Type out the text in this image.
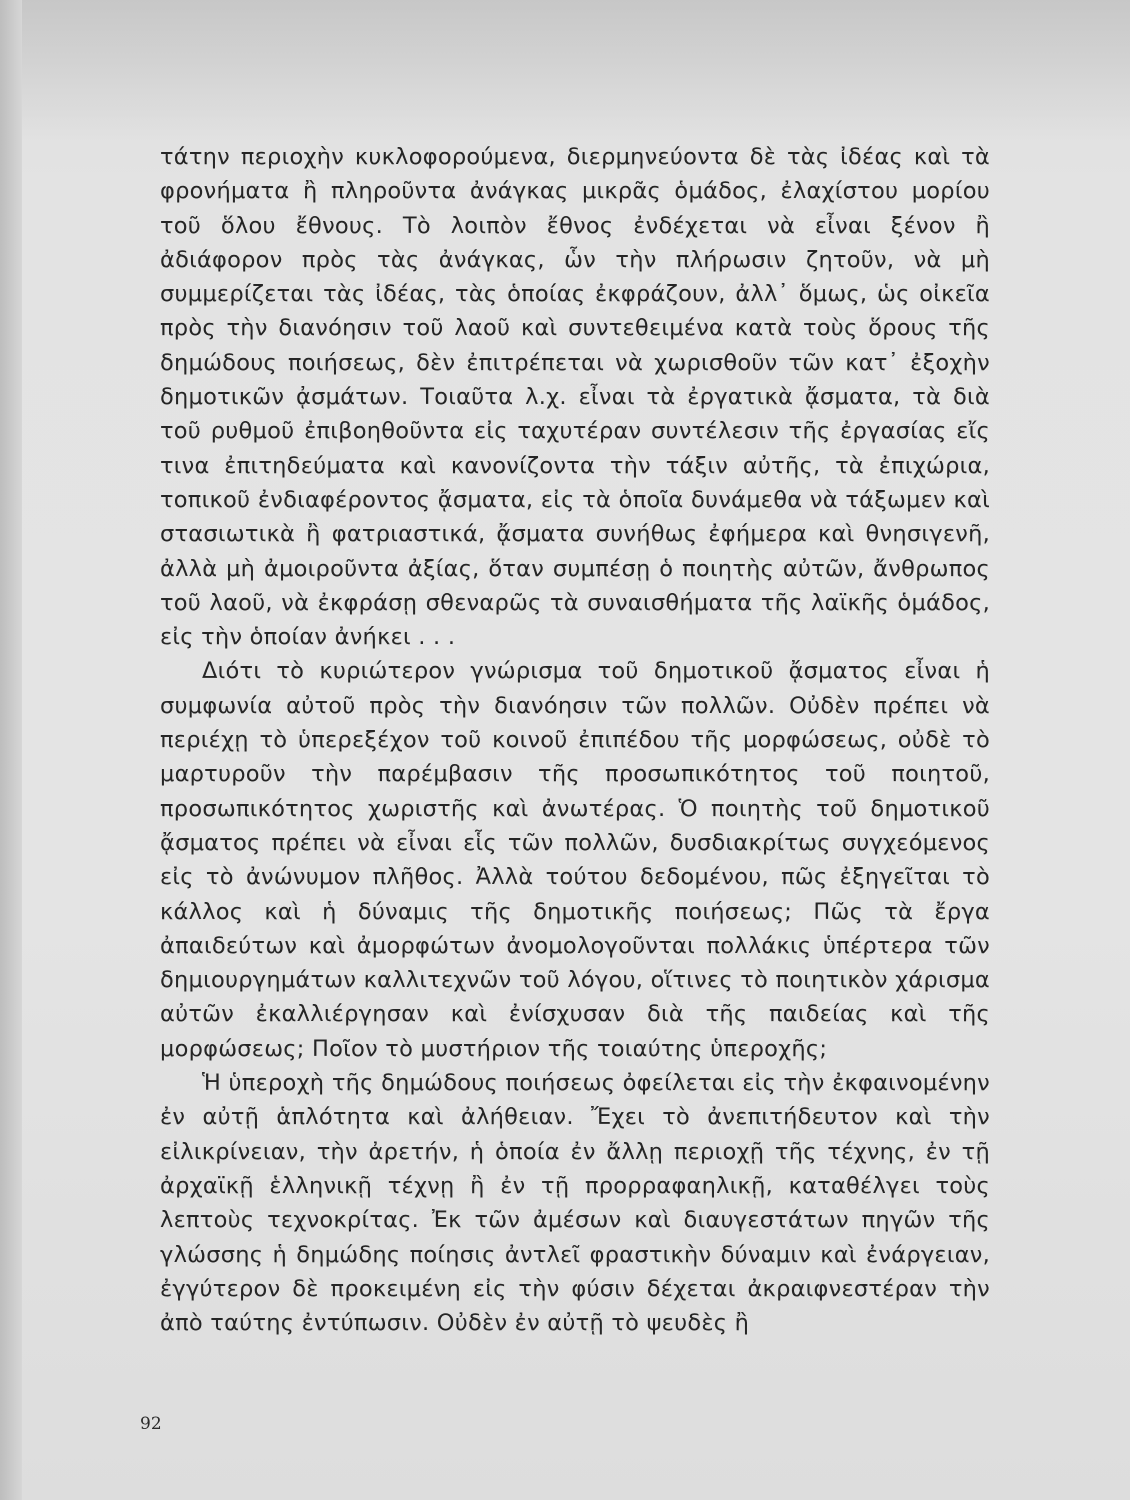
τάτην περιοχὴν κυκλοφορούμενα, διερμηνεύοντα δὲ τὰς ἰδέας καὶ τὰ φρονήματα ἢ πληροῦντα ἀνάγκας μικρᾶς ὁμάδος, ἐλαχίστου μορίου τοῦ ὅλου ἔθνους. Τὸ λοιπὸν ἔθνος ἐνδέχεται νὰ εἶναι ξένον ἢ ἀδιάφορον πρὸς τὰς ἀνάγκας, ὧν τὴν πλήρωσιν ζητοῦν, νὰ μὴ συμμερίζεται τὰς ἰδέας, τὰς ὁποίας ἐκφράζουν, ἀλλ᾽ ὅμως, ὡς οἰκεῖα πρὸς τὴν διανόησιν τοῦ λαοῦ καὶ συντεθειμένα κατὰ τοὺς ὅρους τῆς δημώδους ποιήσεως, δὲν ἐπιτρέπεται νὰ χωρισθοῦν τῶν κατ᾽ ἐξοχὴν δημοτικῶν ᾀσμάτων. Τοιαῦτα λ.χ. εἶναι τὰ ἐργατικὰ ᾄσματα, τὰ διὰ τοῦ ρυθμοῦ ἐπιβοηθοῦντα εἰς ταχυτέραν συντέλεσιν τῆς ἐργασίας εἴς τινα ἐπιτηδεύματα καὶ κανονίζοντα τὴν τάξιν αὐτῆς, τὰ ἐπιχώρια, τοπικοῦ ἐνδιαφέροντος ᾄσματα, εἰς τὰ ὁποῖα δυνάμεθα νὰ τάξωμεν καὶ στασιωτικὰ ἢ φατριαστικά, ᾄσματα συνήθως ἐφήμερα καὶ θνησιγενῆ, ἀλλὰ μὴ ἀμοιροῦντα ἀξίας, ὅταν συμπέσῃ ὁ ποιητὴς αὐτῶν, ἄνθρωπος τοῦ λαοῦ, νὰ ἐκφράσῃ σθεναρῶς τὰ συναισθήματα τῆς λαϊκῆς ὁμάδος, εἰς τὴν ὁποίαν ἀνήκει . . .

Διότι τὸ κυριώτερον γνώρισμα τοῦ δημοτικοῦ ᾄσματος εἶναι ἡ συμφωνία αὐτοῦ πρὸς τὴν διανόησιν τῶν πολλῶν. Οὐδὲν πρέπει νὰ περιέχῃ τὸ ὑπερεξέχον τοῦ κοινοῦ ἐπιπέδου τῆς μορφώσεως, οὐδὲ τὸ μαρτυροῦν τὴν παρέμβασιν τῆς προσωπικότητος τοῦ ποιητοῦ, προσωπικότητος χωριστῆς καὶ ἀνωτέρας. Ὁ ποιητὴς τοῦ δημοτικοῦ ᾄσματος πρέπει νὰ εἶναι εἷς τῶν πολλῶν, δυσδιακρίτως συγχεόμενος εἰς τὸ ἀνώνυμον πλῆθος. Ἀλλὰ τούτου δεδομένου, πῶς ἐξηγεῖται τὸ κάλλος καὶ ἡ δύναμις τῆς δημοτικῆς ποιήσεως; Πῶς τὰ ἔργα ἀπαιδεύτων καὶ ἀμορφώτων ἀνομολογοῦνται πολλάκις ὑπέρτερα τῶν δημιουργημάτων καλλιτεχνῶν τοῦ λόγου, οἵτινες τὸ ποιητικὸν χάρισμα αὐτῶν ἐκαλλιέργησαν καὶ ἐνίσχυσαν διὰ τῆς παιδείας καὶ τῆς μορφώσεως; Ποῖον τὸ μυστήριον τῆς τοιαύτης ὑπεροχῆς;

Ἡ ὑπεροχὴ τῆς δημώδους ποιήσεως ὀφείλεται εἰς τὴν ἐκφαινομένην ἐν αὐτῇ ἁπλότητα καὶ ἀλήθειαν. Ἔχει τὸ ἀνεπιτήδευτον καὶ τὴν εἰλικρίνειαν, τὴν ἀρετήν, ἡ ὁποία ἐν ἄλλῃ περιοχῇ τῆς τέχνης, ἐν τῇ ἀρχαϊκῇ ἑλληνικῇ τέχνῃ ἢ ἐν τῇ προρραφαηλικῇ, καταθέλγει τοὺς λεπτοὺς τεχνοκρίτας. Ἐκ τῶν ἀμέσων καὶ διαυγεστάτων πηγῶν τῆς γλώσσης ἡ δημώδης ποίησις ἀντλεῖ φραστικὴν δύναμιν καὶ ἐνάργειαν, ἐγγύτερον δὲ προκειμένη εἰς τὴν φύσιν δέχεται ἀκραιφνεστέραν τὴν ἀπὸ ταύτης ἐντύπωσιν. Οὐδὲν ἐν αὐτῇ τὸ ψευδὲς ἢ

92
